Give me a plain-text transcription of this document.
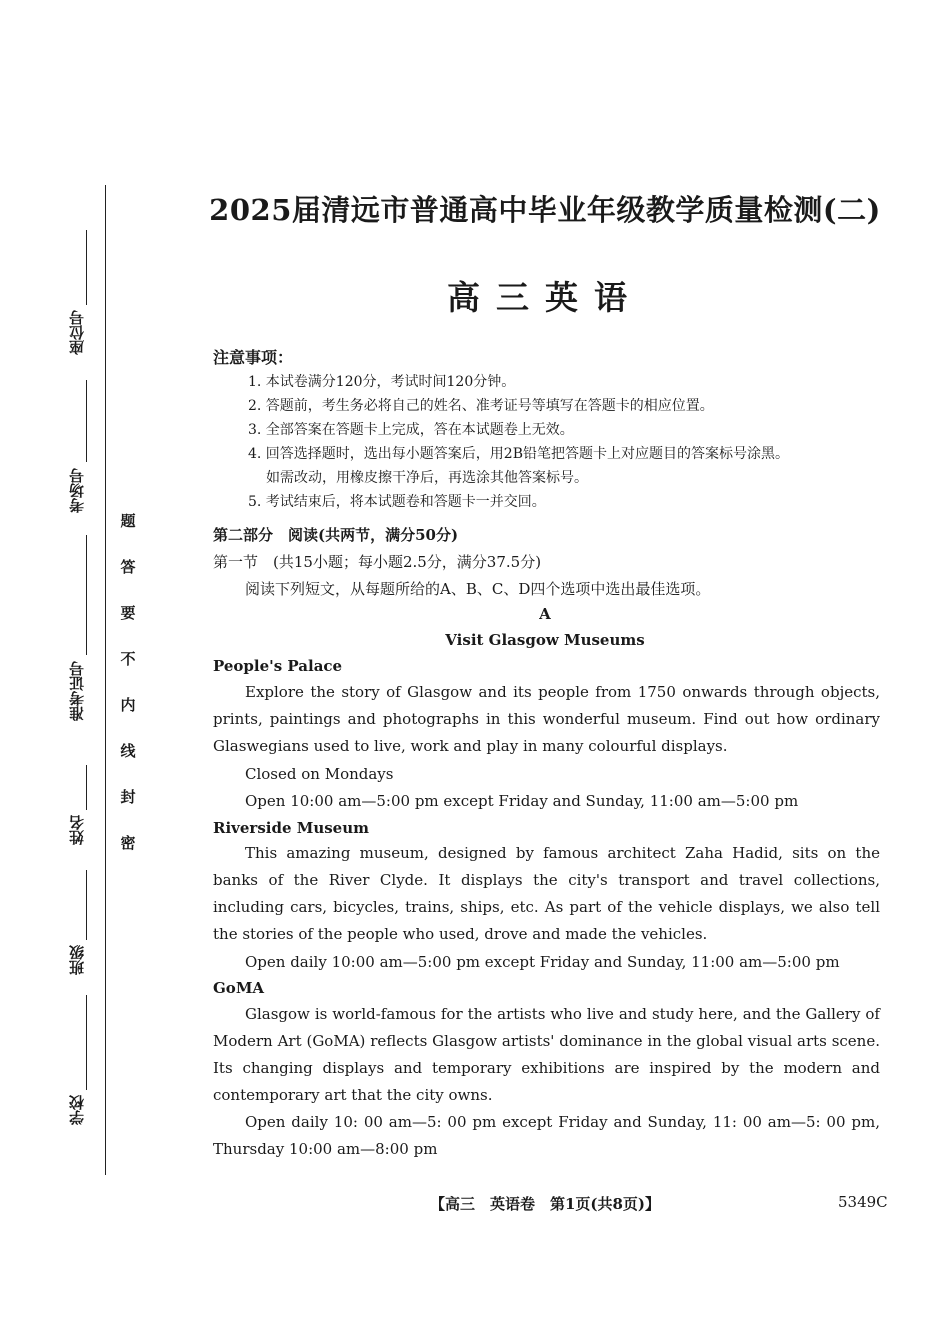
座位号
考场号
准考证号
姓名
班级
学校
密
封
线
内
不
要
答
题
2025届清远市普通高中毕业年级教学质量检测(二)
高三英语
注意事项：
1. 本试卷满分120分，考试时间120分钟。
2. 答题前，考生务必将自己的姓名、准考证号等填写在答题卡的相应位置。
3. 全部答案在答题卡上完成，答在本试题卷上无效。
4. 回答选择题时，选出每小题答案后，用2B铅笔把答题卡上对应题目的答案标号涂黑。
如需改动，用橡皮擦干净后，再选涂其他答案标号。
5. 考试结束后，将本试题卷和答题卡一并交回。
第二部分　阅读(共两节，满分50分)
第一节　(共15小题；每小题2.5分，满分37.5分)
阅读下列短文，从每题所给的A、B、C、D四个选项中选出最佳选项。
A
Visit Glasgow Museums
People's Palace
Explore the story of Glasgow and its people from 1750 onwards through objects, prints, paintings and photographs in this wonderful museum. Find out how ordinary Glaswegians used to live, work and play in many colourful displays.
Closed on Mondays
Open 10:00 am—5:00 pm except Friday and Sunday, 11:00 am—5:00 pm
Riverside Museum
This amazing museum, designed by famous architect Zaha Hadid, sits on the banks of the River Clyde. It displays the city's transport and travel collections, including cars, bicycles, trains, ships, etc. As part of the vehicle displays, we also tell the stories of the people who used, drove and made the vehicles.
Open daily 10:00 am—5:00 pm except Friday and Sunday, 11:00 am—5:00 pm
GoMA
Glasgow is world-famous for the artists who live and study here, and the Gallery of Modern Art (GoMA) reflects Glasgow artists' dominance in the global visual arts scene. Its changing displays and temporary exhibitions are inspired by the modern and contemporary art that the city owns.
Open daily 10: 00 am—5: 00 pm except Friday and Sunday, 11: 00 am—5: 00 pm, Thursday 10:00 am—8:00 pm
【高三　英语卷　第1页(共8页)】	5349C
